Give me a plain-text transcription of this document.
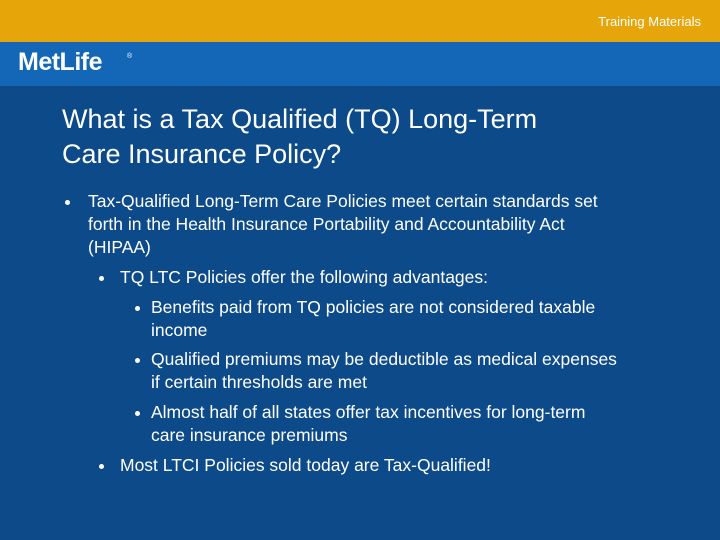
Training Materials
MetLife	®
What is a Tax Qualified (TQ) Long-Term
Care Insurance Policy?
Tax-Qualified Long-Term Care Policies meet certain standards set
forth in the Health Insurance Portability and Accountability Act
(HIPAA)
TQ LTC Policies offer the following advantages:
Benefits paid from TQ policies are not considered taxable
income
Qualified premiums may be deductible as medical expenses
if certain thresholds are met
Almost half of all states offer tax incentives for long-term
care insurance premiums
Most LTCI Policies sold today are Tax-Qualified!
